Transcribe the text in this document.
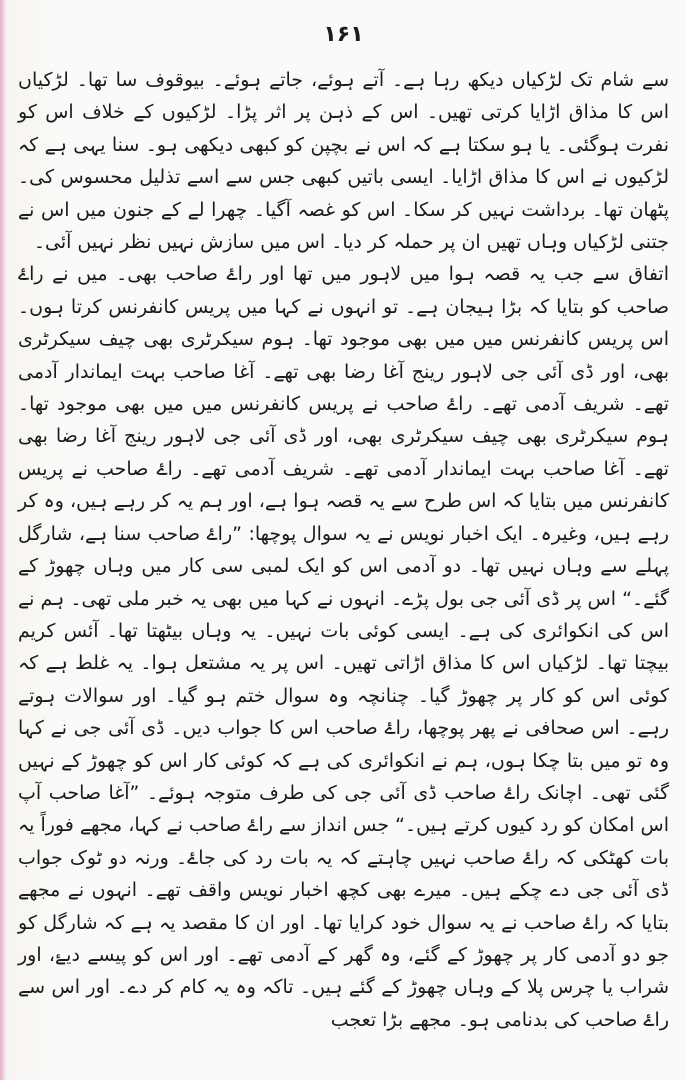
۱۶۱

سے شام تک لڑکیاں دیکھ رہا ہے۔ آتے ہوئے، جاتے ہوئے۔ بیوقوف سا تھا۔ لڑکیاں اس کا مذاق اڑایا کرتی تھیں۔ اس کے ذہن پر اثر پڑا۔ لڑکیوں کے خلاف اس کو نفرت ہوگئی۔ یا ہو سکتا ہے کہ اس نے بچپن کو کبھی دیکھی ہو۔ سنا یہی ہے کہ لڑکیوں نے اس کا مذاق اڑایا۔ ایسی باتیں کبھی جس سے اسے تذلیل محسوس کی۔ پٹھان تھا۔ برداشت نہیں کر سکا۔ اس کو غصہ آگیا۔ چھرا لے کے جنون میں اس نے جتنی لڑکیاں وہاں تھیں ان پر حملہ کر دیا۔ اس میں سازش نہیں نظر نہیں آئی۔

اتفاق سے جب یہ قصہ ہوا میں لاہور میں تھا اور راۓ صاحب بھی۔ میں نے راۓ صاحب کو بتایا کہ بڑا ہیجان ہے۔ تو انہوں نے کہا میں پریس کانفرنس کرتا ہوں۔ اس پریس کانفرنس میں میں بھی موجود تھا۔ ہوم سیکرٹری بھی چیف سیکرٹری بھی، اور ڈی آئی جی لاہور رینج آغا رضا بھی تھے۔ آغا صاحب بہت ایماندار آدمی تھے۔ شریف آدمی تھے۔ راۓ صاحب نے پریس کانفرنس میں میں بھی موجود تھا۔ ہوم سیکرٹری بھی چیف سیکرٹری بھی، اور ڈی آئی جی لاہور رینج آغا رضا بھی تھے۔ آغا صاحب بہت ایماندار آدمی تھے۔ شریف آدمی تھے۔ راۓ صاحب نے پریس کانفرنس میں بتایا کہ اس طرح سے یہ قصہ ہوا ہے، اور ہم یہ کر رہے ہیں، وہ کر رہے ہیں، وغیرہ۔ ایک اخبار نویس نے یہ سوال پوچھا: ”راۓ صاحب سنا ہے، شارگل پہلے سے وہاں نہیں تھا۔ دو آدمی اس کو ایک لمبی سی کار میں وہاں چھوڑ کے گئے۔“ اس پر ڈی آئی جی بول پڑے۔ انہوں نے کہا میں بھی یہ خبر ملی تھی۔ ہم نے اس کی انکوائری کی ہے۔ ایسی کوئی بات نہیں۔ یہ وہاں بیٹھتا تھا۔ آئس کریم بیچتا تھا۔ لڑکیاں اس کا مذاق اڑاتی تھیں۔ اس پر یہ مشتعل ہوا۔ یہ غلط ہے کہ کوئی اس کو کار پر چھوڑ گیا۔ چنانچہ وہ سوال ختم ہو گیا۔ اور سوالات ہوتے رہے۔ اس صحافی نے پھر پوچھا، راۓ صاحب اس کا جواب دیں۔ ڈی آئی جی نے کہا وہ تو میں بتا چکا ہوں، ہم نے انکوائری کی ہے کہ کوئی کار اس کو چھوڑ کے نہیں گئی تھی۔ اچانک راۓ صاحب ڈی آئی جی کی طرف متوجہ ہوئے۔ ”آغا صاحب آپ اس امکان کو رد کیوں کرتے ہیں۔“ جس انداز سے راۓ صاحب نے کہا، مجھے فوراً یہ بات کھٹکی کہ راۓ صاحب نہیں چاہتے کہ یہ بات رد کی جاۓ۔ ورنہ دو ٹوک جواب ڈی آئی جی دے چکے ہیں۔ میرے بھی کچھ اخبار نویس واقف تھے۔ انہوں نے مجھے بتایا کہ راۓ صاحب نے یہ سوال خود کرایا تھا۔ اور ان کا مقصد یہ ہے کہ شارگل کو جو دو آدمی کار پر چھوڑ کے گئے، وہ گھر کے آدمی تھے۔ اور اس کو پیسے دیۓ، اور شراب یا چرس پلا کے وہاں چھوڑ کے گئے ہیں۔ تاکہ وہ یہ کام کر دے۔ اور اس سے راۓ صاحب کی بدنامی ہو۔ مجھے بڑا تعجب
